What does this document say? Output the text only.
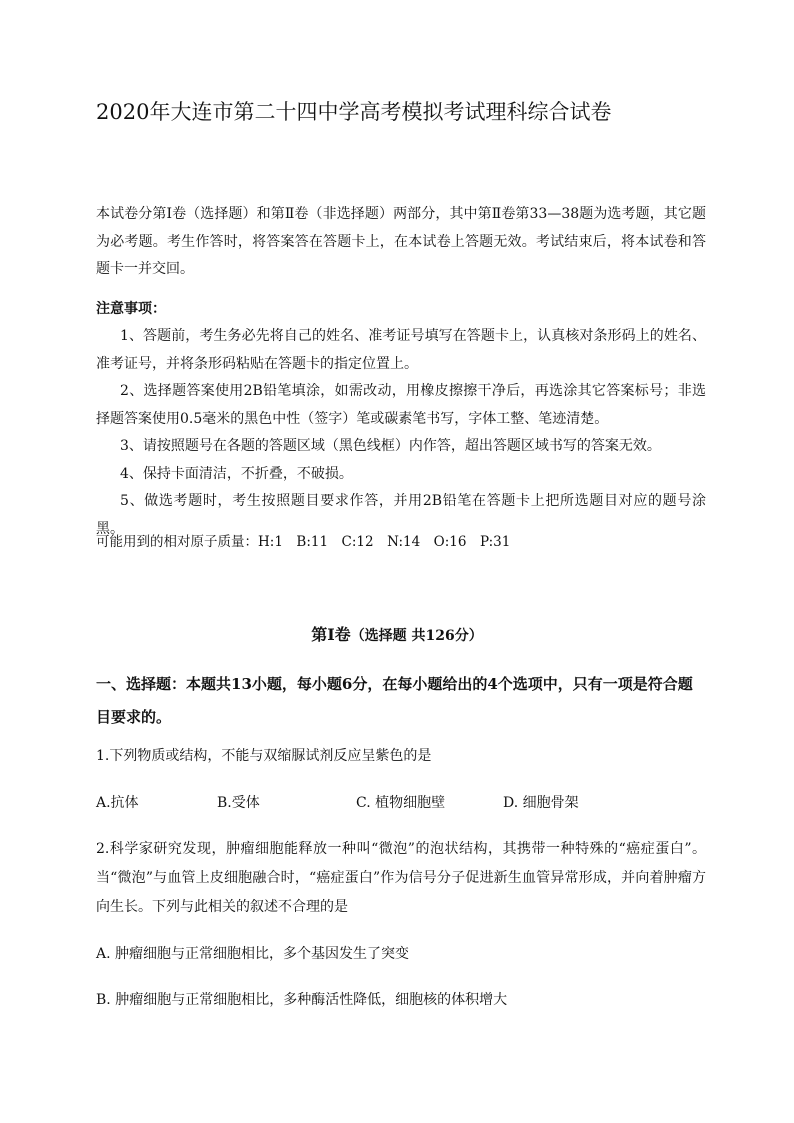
2020年大连市第二十四中学高考模拟考试理科综合试卷
本试卷分第Ⅰ卷（选择题）和第Ⅱ卷（非选择题）两部分，其中第Ⅱ卷第33—38题为选考题，其它题为必考题。考生作答时，将答案答在答题卡上，在本试卷上答题无效。考试结束后，将本试卷和答题卡一并交回。
注意事项：
1、答题前，考生务必先将自己的姓名、准考证号填写在答题卡上，认真核对条形码上的姓名、准考证号，并将条形码粘贴在答题卡的指定位置上。
2、选择题答案使用2B铅笔填涂，如需改动，用橡皮擦擦干净后，再选涂其它答案标号；非选择题答案使用0.5毫米的黑色中性（签字）笔或碳素笔书写，字体工整、笔迹清楚。
3、请按照题号在各题的答题区域（黑色线框）内作答，超出答题区域书写的答案无效。
4、保持卡面清洁，不折叠，不破损。
5、做选考题时，考生按照题目要求作答，并用2B铅笔在答题卡上把所选题目对应的题号涂黑。
可能用到的相对原子质量：H:1　B:11　C:12　N:14　O:16　P:31
第Ⅰ卷（选择题 共126分）
一、选择题：本题共13小题，每小题6分，在每小题给出的4个选项中，只有一项是符合题目要求的。
1.下列物质或结构，不能与双缩脲试剂反应呈紫色的是
A.抗体	B.受体	C. 植物细胞壁	D. 细胞骨架
2.科学家研究发现，肿瘤细胞能释放一种叫“微泡”的泡状结构，其携带一种特殊的“癌症蛋白”。当“微泡”与血管上皮细胞融合时，“癌症蛋白”作为信号分子促进新生血管异常形成，并向着肿瘤方向生长。下列与此相关的叙述不合理的是
A. 肿瘤细胞与正常细胞相比，多个基因发生了突变
B. 肿瘤细胞与正常细胞相比，多种酶活性降低，细胞核的体积增大
